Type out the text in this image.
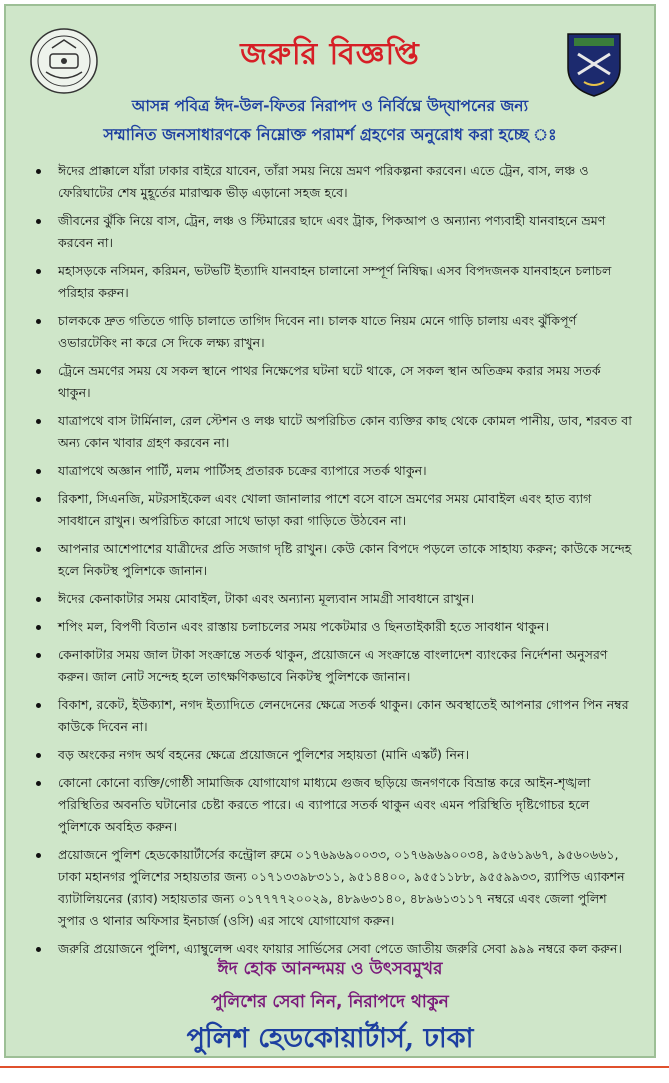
জরুরি বিজ্ঞপ্তি
আসন্ন পবিত্র ঈদ-উল-ফিতর নিরাপদ ও নির্বিঘ্নে উদ্‌যাপনের জন্য
সম্মানিত জনসাধারণকে নিম্নোক্ত পরামর্শ গ্রহণের অনুরোধ করা হচ্ছে ঃ
ঈদের প্রাক্কালে যাঁরা ঢাকার বাইরে যাবেন, তাঁরা সময় নিয়ে ভ্রমণ পরিকল্পনা করবেন। এতে ট্রেন, বাস, লঞ্চ ও ফেরিঘাটের শেষ মুহূর্তের মারাত্মক ভীড় এড়ানো সহজ হবে।
জীবনের ঝুঁকি নিয়ে বাস, ট্রেন, লঞ্চ ও স্টিমারের ছাদে এবং ট্রাক, পিকআপ ও অন্যান্য পণ্যবাহী যানবাহনে ভ্রমণ করবেন না।
মহাসড়কে নসিমন, করিমন, ভটভটি ইত্যাদি যানবাহন চালানো সম্পূর্ণ নিষিদ্ধ। এসব বিপদজনক যানবাহনে চলাচল পরিহার করুন।
চালককে দ্রুত গতিতে গাড়ি চালাতে তাগিদ দিবেন না। চালক যাতে নিয়ম মেনে গাড়ি চালায় এবং ঝুঁকিপূর্ণ ওভারটেকিং না করে সে দিকে লক্ষ্য রাখুন।
ট্রেনে ভ্রমণের সময় যে সকল স্থানে পাথর নিক্ষেপের ঘটনা ঘটে থাকে, সে সকল স্থান অতিক্রম করার সময় সতর্ক থাকুন।
যাত্রাপথে বাস টার্মিনাল, রেল স্টেশন ও লঞ্চ ঘাটে অপরিচিত কোন ব্যক্তির কাছ থেকে কোমল পানীয়, ডাব, শরবত বা অন্য কোন খাবার গ্রহণ করবেন না।
যাত্রাপথে অজ্ঞান পার্টি, মলম পার্টিসহ প্রতারক চক্রের ব্যাপারে সতর্ক থাকুন।
রিকশা, সিএনজি, মটরসাইকেল এবং খোলা জানালার পাশে বসে বাসে ভ্রমণের সময় মোবাইল এবং হাত ব্যাগ সাবধানে রাখুন। অপরিচিত কারো সাথে ভাড়া করা গাড়িতে উঠবেন না।
আপনার আশেপাশের যাত্রীদের প্রতি সজাগ দৃষ্টি রাখুন। কেউ কোন বিপদে পড়লে তাকে সাহায্য করুন; কাউকে সন্দেহ হলে নিকটস্থ পুলিশকে জানান।
ঈদের কেনাকাটার সময় মোবাইল, টাকা এবং অন্যান্য মূল্যবান সামগ্রী সাবধানে রাখুন।
শপিং মল, বিপণী বিতান এবং রাস্তায় চলাচলের সময় পকেটমার ও ছিনতাইকারী হতে সাবধান থাকুন।
কেনাকাটার সময় জাল টাকা সংক্রান্তে সতর্ক থাকুন, প্রয়োজনে এ সংক্রান্তে বাংলাদেশ ব্যাংকের নির্দেশনা অনুসরণ করুন। জাল নোট সন্দেহ হলে তাৎক্ষণিকভাবে নিকটস্থ পুলিশকে জানান।
বিকাশ, রকেট, ইউক্যাশ, নগদ ইত্যাদিতে লেনদেনের ক্ষেত্রে সতর্ক থাকুন। কোন অবস্থাতেই আপনার গোপন পিন নম্বর কাউকে দিবেন না।
বড় অংকের নগদ অর্থ বহনের ক্ষেত্রে প্রয়োজনে পুলিশের সহায়তা (মানি এস্কর্ট) নিন।
কোনো কোনো ব্যক্তি/গোষ্ঠী সামাজিক যোগাযোগ মাধ্যমে গুজব ছড়িয়ে জনগণকে বিভ্রান্ত করে আইন-শৃঙ্খলা পরিস্থিতির অবনতি ঘটানোর চেষ্টা করতে পারে। এ ব্যাপারে সতর্ক থাকুন এবং এমন পরিস্থিতি দৃষ্টিগোচর হলে পুলিশকে অবহিত করুন।
প্রয়োজনে পুলিশ হেডকোয়ার্টার্সের কন্ট্রোল রুমে ০১৭৬৯৬৯০০৩৩, ০১৭৬৯৬৯০০৩৪, ৯৫৬১৯৬৭, ৯৫৬০৬৬১, ঢাকা মহানগর পুলিশের সহায়তার জন্য ০১৭১৩৩৯৮৩১১, ৯৫১৪৪০০, ৯৫৫১১৮৮, ৯৫৫৯৯৩৩, র‌্যাপিড এ্যাকশন ব্যাটালিয়নের (র‌্যাব) সহায়তার জন্য ০১৭৭৭৭২০০২৯, ৪৮৯৬৩১৪০, ৪৮৯৬১৩১১৭ নম্বরে এবং জেলা পুলিশ সুপার ও থানার অফিসার ইনচার্জ (ওসি) এর সাথে যোগাযোগ করুন।
জরুরি প্রয়োজনে পুলিশ, এ্যাম্বুলেন্স এবং ফায়ার সার্ভিসের সেবা পেতে জাতীয় জরুরি সেবা ৯৯৯ নম্বরে কল করুন।
ঈদ হোক আনন্দময় ও উৎসবমুখর
পুলিশের সেবা নিন, নিরাপদে থাকুন
পুলিশ হেডকোয়ার্টার্স, ঢাকা
